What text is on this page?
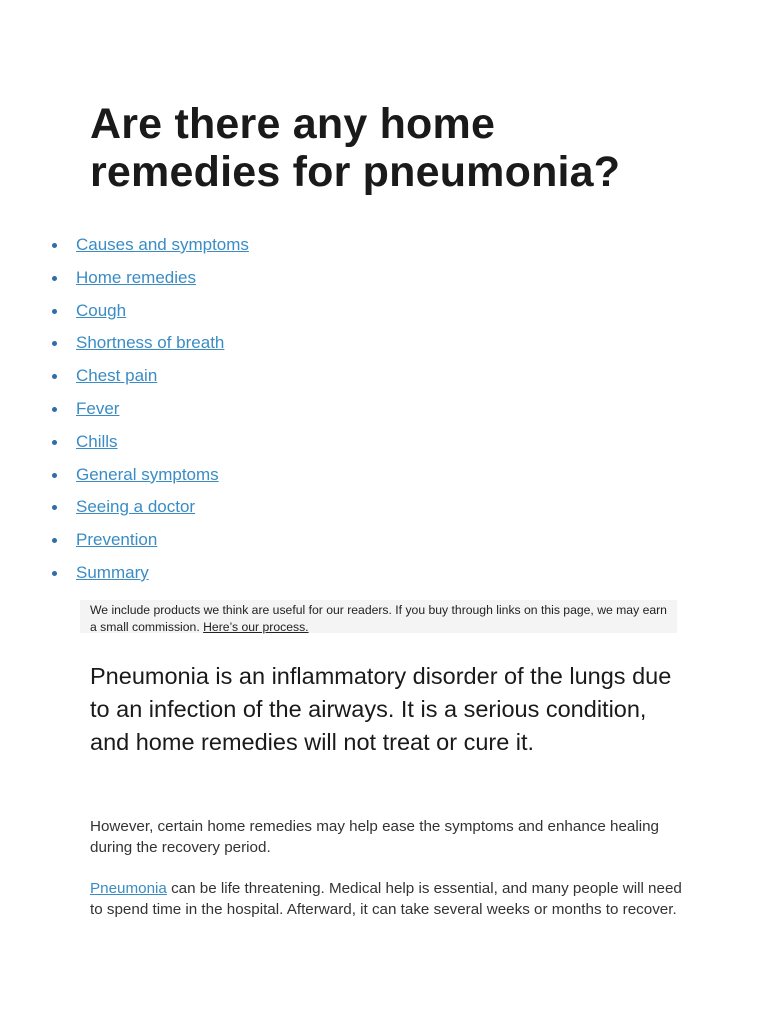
Are there any home
remedies for pneumonia?
Causes and symptoms
Home remedies
Cough
Shortness of breath
Chest pain
Fever
Chills
General symptoms
Seeing a doctor
Prevention
Summary
We include products we think are useful for our readers. If you buy through links on this page, we may earn a small commission. Here’s our process.

Pneumonia is an inflammatory disorder of the lungs due to an infection of the airways. It is a serious condition, and home remedies will not treat or cure it.

However, certain home remedies may help ease the symptoms and enhance healing during the recovery period.

Pneumonia can be life threatening. Medical help is essential, and many people will need to spend time in the hospital. Afterward, it can take several weeks or months to recover.
